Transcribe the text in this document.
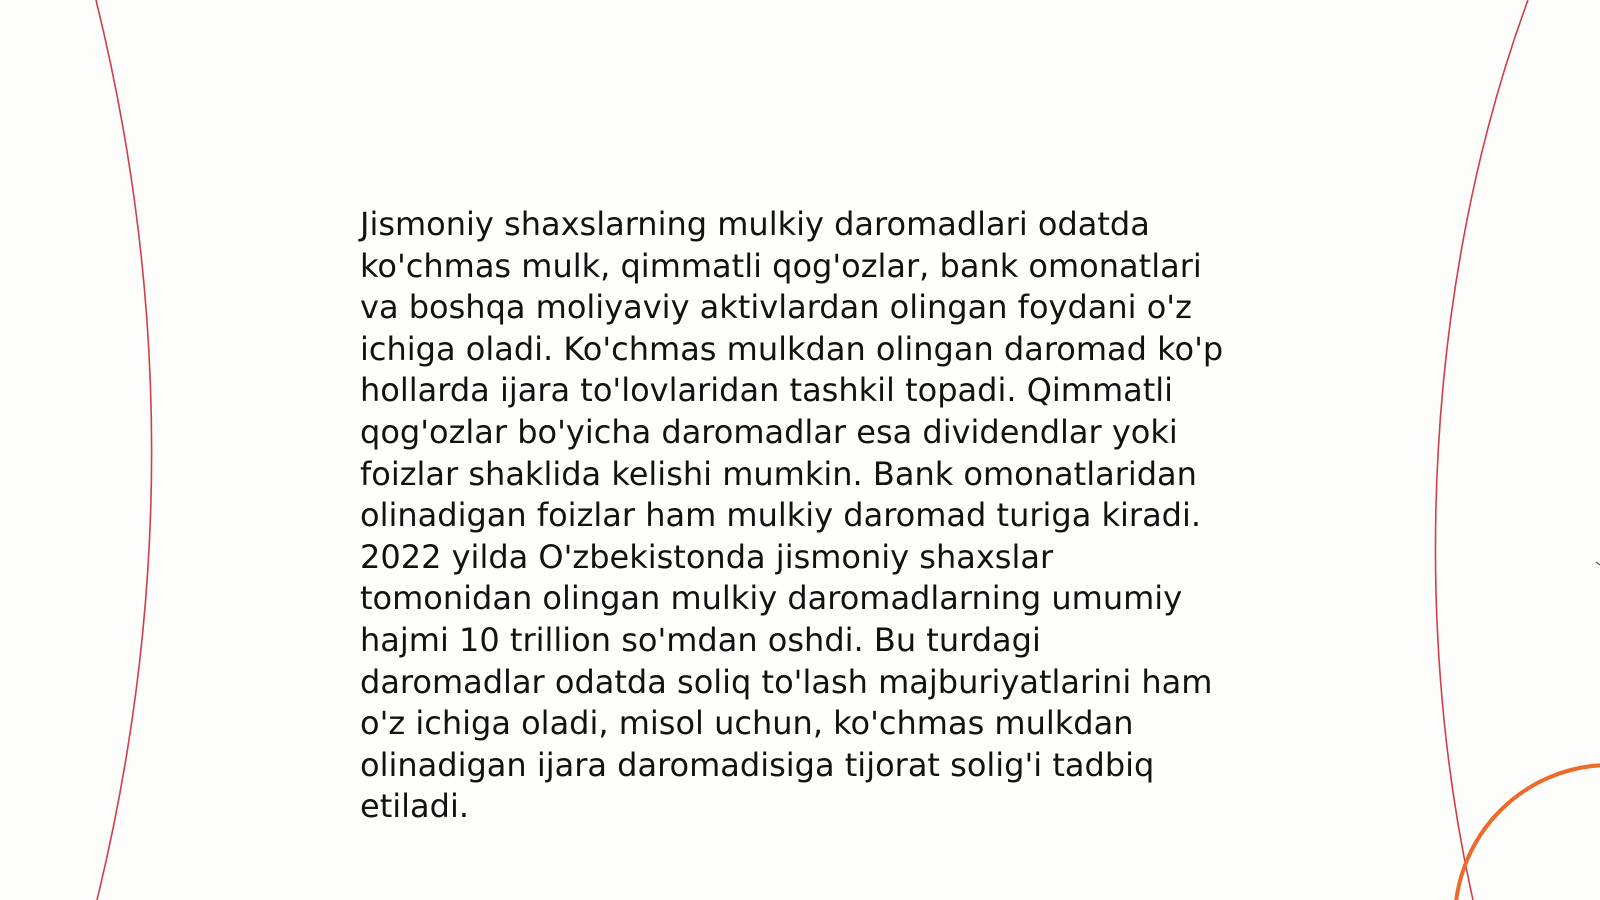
Jismoniy shaxslarning mulkiy daromadlari odatda
ko'chmas mulk, qimmatli qog'ozlar, bank omonatlari
va boshqa moliyaviy aktivlardan olingan foydani o'z
ichiga oladi. Ko'chmas mulkdan olingan daromad ko'p
hollarda ijara to'lovlaridan tashkil topadi. Qimmatli
qog'ozlar bo'yicha daromadlar esa dividendlar yoki
foizlar shaklida kelishi mumkin. Bank omonatlaridan
olinadigan foizlar ham mulkiy daromad turiga kiradi.
2022 yilda O'zbekistonda jismoniy shaxslar
tomonidan olingan mulkiy daromadlarning umumiy
hajmi 10 trillion so'mdan oshdi. Bu turdagi
daromadlar odatda soliq to'lash majburiyatlarini ham
o'z ichiga oladi, misol uchun, ko'chmas mulkdan
olinadigan ijara daromadisiga tijorat solig'i tadbiq
etiladi.
